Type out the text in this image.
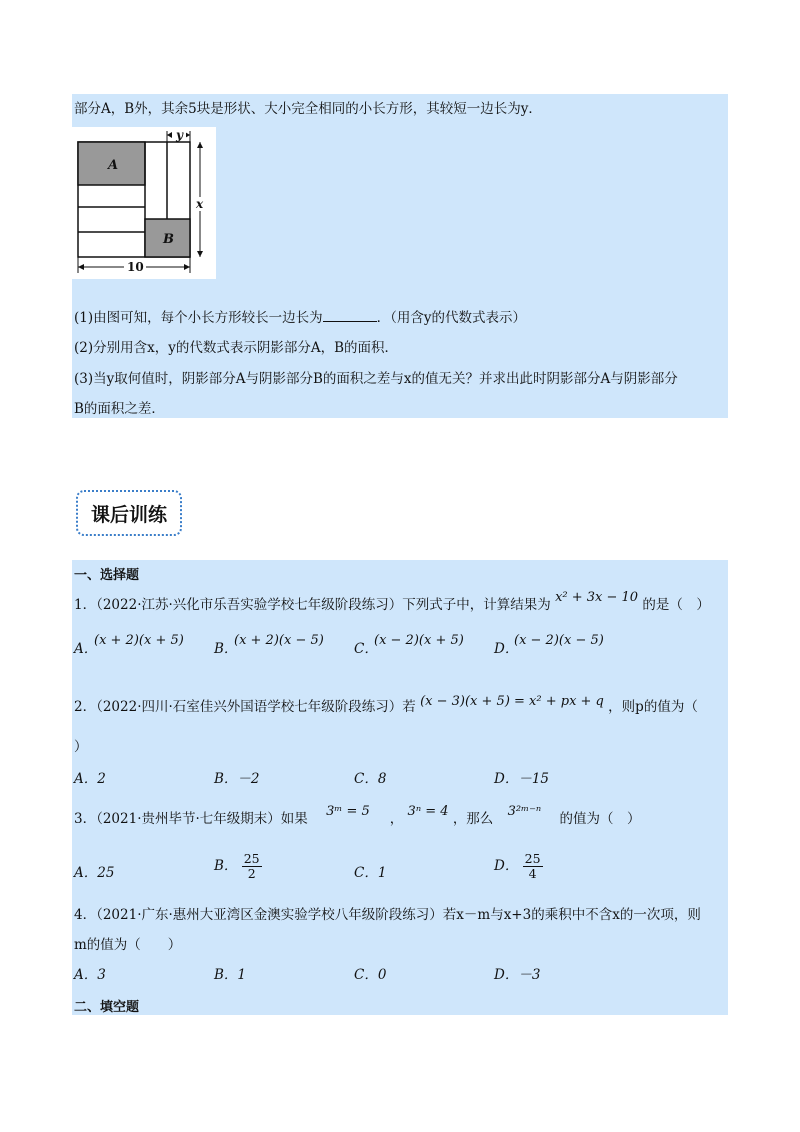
部分A，B外，其余5块是形状、大小完全相同的小长方形，其较短一边长为y．
A
B
x
y
10
(1)由图可知，每个小长方形较长一边长为	．（用含y的代数式表示）
(2)分别用含x，y的代数式表示阴影部分A，B的面积．
(3)当y取何值时，阴影部分A与阴影部分B的面积之差与x的值无关？并求出此时阴影部分A与阴影部分
B的面积之差．
课后训练
一、选择题
1．（2022·江苏·兴化市乐吾实验学校七年级阶段练习）下列式子中，计算结果为 x² + 3x − 10 的是（　）
A．
(x + 2)(x + 5)
B．
(x + 2)(x − 5)
C．
(x − 2)(x + 5)
D．
(x − 2)(x − 5)
2．（2022·四川·石室佳兴外国语学校七年级阶段练习）若 (x − 3)(x + 5) = x² + px + q ，则p的值为（
）
A．2	B．－2	C．8	D．－15
3．（2021·贵州毕节·七年级期末）如果 3ᵐ = 5 ， 3ⁿ = 4 ，那么 3²ᵐ⁻ⁿ 的值为（　）
A．25	B． $\frac{25}{2}$	C．1	D． $\frac{25}{4}$
4．（2021·广东·惠州大亚湾区金澳实验学校八年级阶段练习）若x－m与x+3的乘积中不含x的一次项，则
m的值为（　　）
A．3	B．1	C．0	D．－3
二、填空题
